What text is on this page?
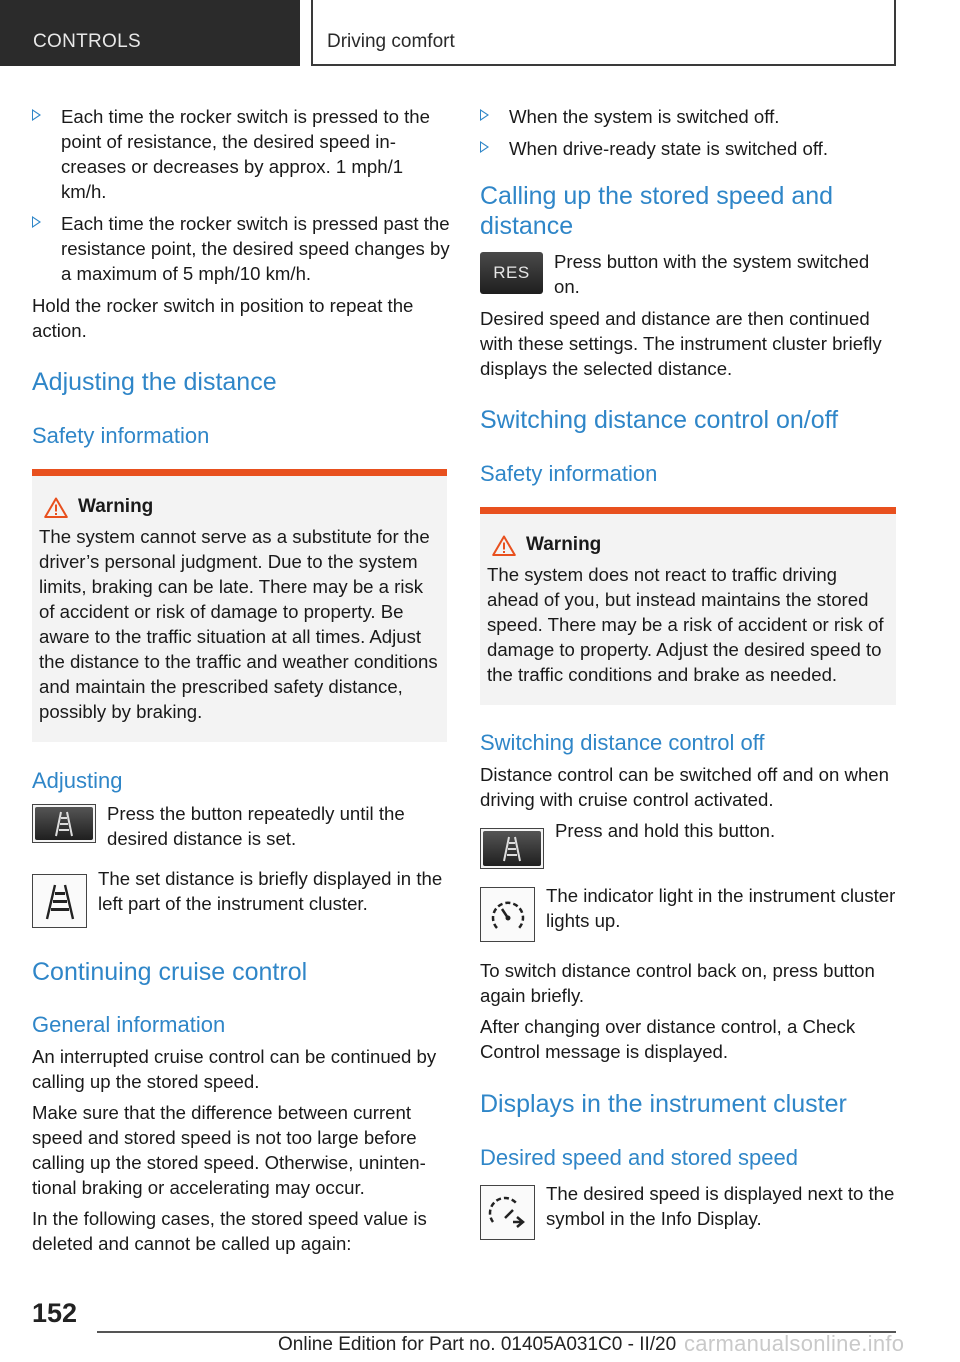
CONTROLS	Driving comfort
Each time the rocker switch is pressed to the point of resistance, the desired speed increases or decreases by approx. 1 mph/1 km/h.
Each time the rocker switch is pressed past the resistance point, the desired speed changes by a maximum of 5 mph/10 km/h.

Hold the rocker switch in position to repeat the action.

Adjusting the distance
Safety information
Warning

The system cannot serve as a substitute for the driver’s personal judgment. Due to the system limits, braking can be late. There may be a risk of accident or risk of damage to property. Be aware to the traffic situation at all times. Adjust the distance to the traffic and weather conditions and maintain the prescribed safety distance, possibly by braking.

Adjusting
Press the button repeatedly until the desired distance is set.
The set distance is briefly displayed in the left part of the instrument cluster.
Continuing cruise control
General information

An interrupted cruise control can be continued by calling up the stored speed.

Make sure that the difference between current speed and stored speed is not too large before calling up the stored speed. Otherwise, unintentional braking or accelerating may occur.

In the following cases, the stored speed value is deleted and cannot be called up again:

When the system is switched off.
When drive-ready state is switched off.
Calling up the stored speed and distance
RES
Press button with the system switched on.

Desired speed and distance are then continued with these settings. The instrument cluster briefly displays the selected distance.

Switching distance control on/off
Safety information
Warning

The system does not react to traffic driving ahead of you, but instead maintains the stored speed. There may be a risk of accident or risk of damage to property. Adjust the desired speed to the traffic conditions and brake as needed.

Switching distance control off

Distance control can be switched off and on when driving with cruise control activated.

Press and hold this button.
The indicator light in the instrument cluster lights up.

To switch distance control back on, press button again briefly.

After changing over distance control, a Check Control message is displayed.

Displays in the instrument cluster
Desired speed and stored speed
The desired speed is displayed next to the symbol in the Info Display.
152
carmanualsonline.info
Online Edition for Part no. 01405A031C0 - II/20
